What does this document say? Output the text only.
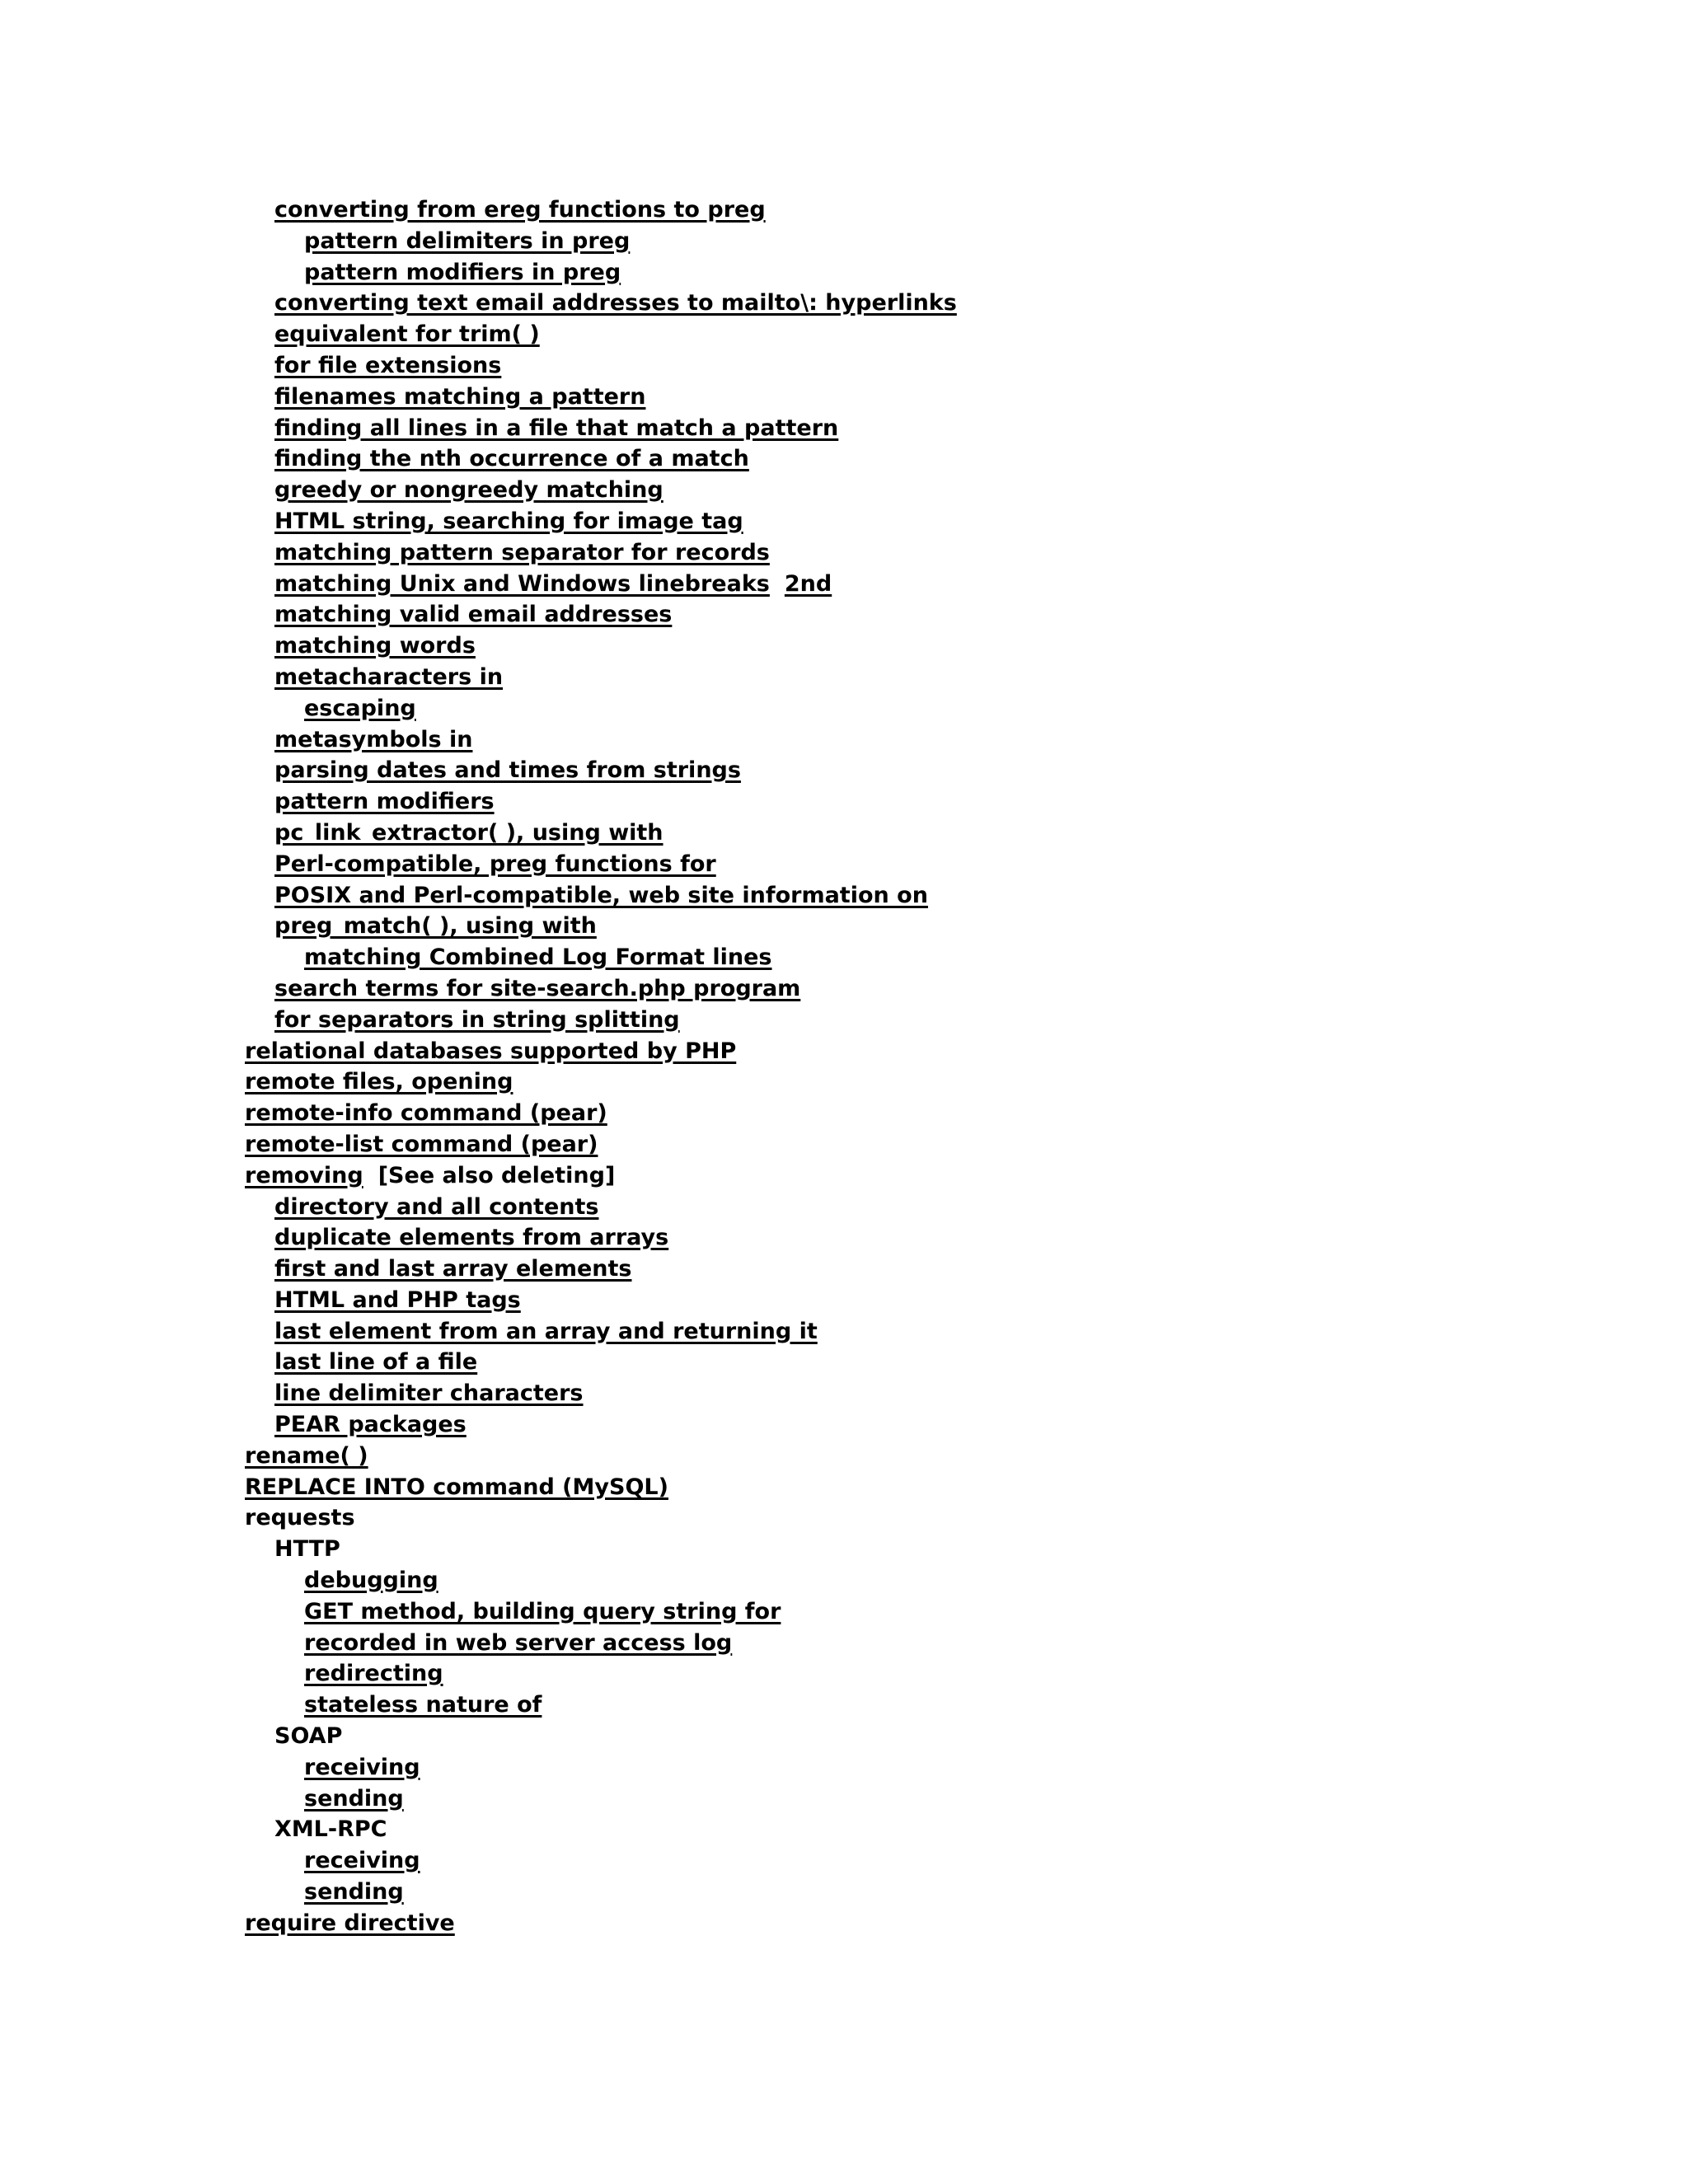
converting from ereg functions to preg
pattern delimiters in preg
pattern modifiers in preg
converting text email addresses to mailto\: hyperlinks
equivalent for trim( )
for file extensions
filenames matching a pattern
finding all lines in a file that match a pattern
finding the nth occurrence of a match
greedy or nongreedy matching
HTML string, searching for image tag
matching pattern separator for records
matching Unix and Windows linebreaks 2nd
matching valid email addresses
matching words
metacharacters in
escaping
metasymbols in
parsing dates and times from strings
pattern modifiers
pc_link_extractor( ), using with
Perl-compatible, preg functions for
POSIX and Perl-compatible, web site information on
preg_match( ), using with
matching Combined Log Format lines
search terms for site-search.php program
for separators in string splitting
relational databases supported by PHP
remote files, opening
remote-info command (pear)
remote-list command (pear)
removing [See also deleting]
directory and all contents
duplicate elements from arrays
first and last array elements
HTML and PHP tags
last element from an array and returning it
last line of a file
line delimiter characters
PEAR packages
rename( )
REPLACE INTO command (MySQL)
requests
HTTP
debugging
GET method, building query string for
recorded in web server access log
redirecting
stateless nature of
SOAP
receiving
sending
XML-RPC
receiving
sending
require directive
